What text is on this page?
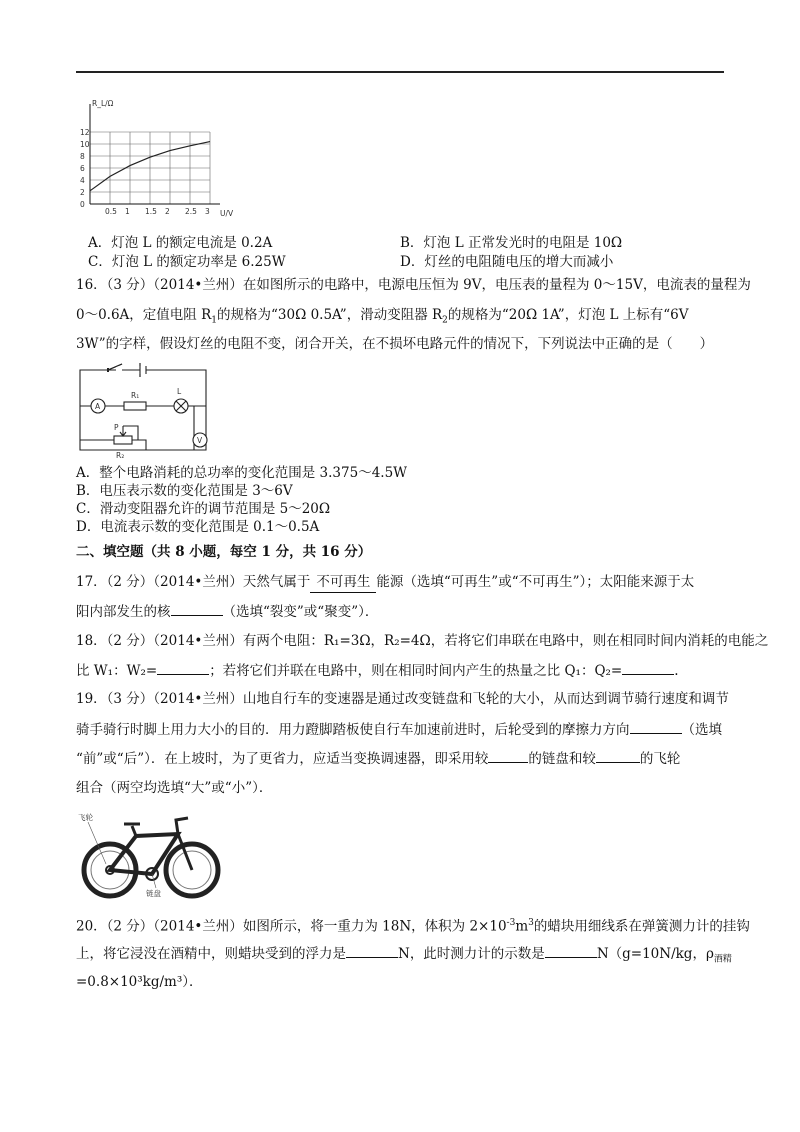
0
2
4
6
8
10
12
0.5 1 1.5 2 2.5 3
R_L/Ω
U/V
A．灯泡 L 的额定电流是 0.2A	B．灯泡 L 正常发光时的电阻是 10Ω
C．灯泡 L 的额定功率是 6.25W	D．灯丝的电阻随电压的增大而减小
16．（3 分）（2014•兰州）在如图所示的电路中，电源电压恒为 9V，电压表的量程为 0～15V，电流表的量程为
0～0.6A，定值电阻 $R_1$的规格为“30Ω 0.5A”，滑动变阻器 $R_2$的规格为“20Ω 1A”，灯泡 L 上标有“6V
3W”的字样，假设灯丝的电阻不变，闭合开关，在不损坏电路元件的情况下，下列说法中正确的是（　　）
A
R₁	L
P
R₂
V
A．整个电路消耗的总功率的变化范围是 3.375～4.5W
B．电压表示数的变化范围是 3～6V
C．滑动变阻器允许的调节范围是 5～20Ω
D．电流表示数的变化范围是 0.1～0.5A
二、填空题（共 8 小题，每空 1 分，共 16 分）
17．（2 分）（2014•兰州）天然气属于 不可再生 能源（选填“可再生”或“不可再生”）；太阳能来源于太
阳内部发生的核	（选填“裂变”或“聚变”）．
18．（2 分）（2014•兰州）有两个电阻：R₁=3Ω，R₂=4Ω，若将它们串联在电路中，则在相同时间内消耗的电能之
比 W₁：W₂=	；若将它们并联在电路中，则在相同时间内产生的热量之比 Q₁：Q₂=	.
19．（3 分）（2014•兰州）山地自行车的变速器是通过改变链盘和飞轮的大小，从而达到调节骑行速度和调节
骑手骑行时脚上用力大小的目的．用力蹬脚踏板使自行车加速前进时，后轮受到的摩擦力方向	（选填
“前”或“后”）．在上坡时，为了更省力，应适当变换调速器，即采用较	的链盘和较	的飞轮
组合（两空均选填“大”或“小”）．
飞轮
链盘
20．（2 分）（2014•兰州）如图所示，将一重力为 18N，体积为 $2\times 10^{-3}m^3$的蜡块用细线系在弹簧测力计的挂钩
上，将它浸没在酒精中，则蜡块受到的浮力是	N，此时测力计的示数是	N（g=10N/kg，$\rho_{酒精}$
=0.8×10³kg/m³）．
